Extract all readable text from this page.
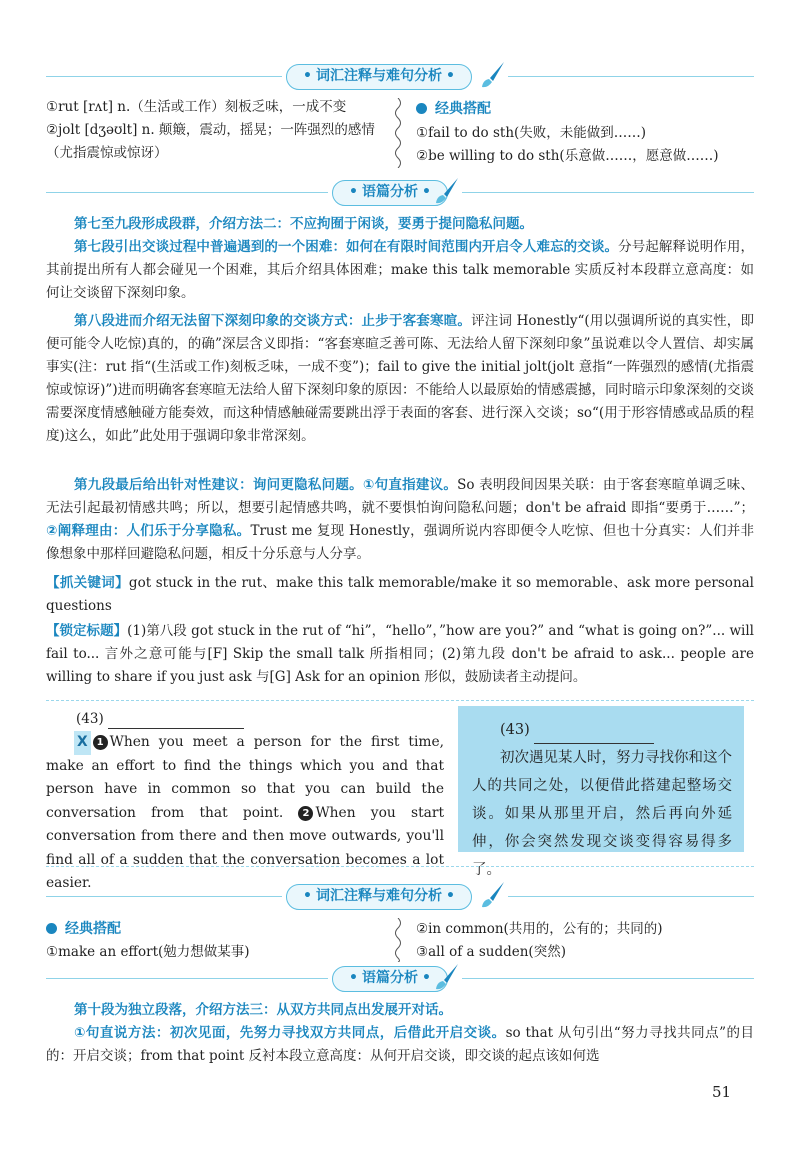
• 词汇注释与难句分析 •
①rut [rʌt] n.（生活或工作）刻板乏味，一成不变
②jolt [dʒəʊlt] n. 颠簸，震动，摇晃；一阵强烈的感情
（尤指震惊或惊讶）
经典搭配
①fail to do sth(失败，未能做到……)
②be willing to do sth(乐意做……，愿意做……)
• 语篇分析 •
第七至九段形成段群，介绍方法二：不应拘囿于闲谈，要勇于提问隐私问题。
第七段引出交谈过程中普遍遇到的一个困难：如何在有限时间范围内开启令人难忘的交谈。分号起解释说明作用，其前提出所有人都会碰见一个困难，其后介绍具体困难；make this talk memorable 实质反衬本段群立意高度：如何让交谈留下深刻印象。
第八段进而介绍无法留下深刻印象的交谈方式：止步于客套寒暄。评注词 Honestly“(用以强调所说的真实性，即便可能令人吃惊)真的，的确”深层含义即指：“客套寒暄乏善可陈、无法给人留下深刻印象”虽说难以令人置信、却实属事实(注：rut 指“(生活或工作)刻板乏味，一成不变”)；fail to give the initial jolt(jolt 意指“一阵强烈的感情(尤指震惊或惊讶)”)进而明确客套寒暄无法给人留下深刻印象的原因：不能给人以最原始的情感震撼，同时暗示印象深刻的交谈需要深度情感触碰方能奏效，而这种情感触碰需要跳出浮于表面的客套、进行深入交谈；so“(用于形容情感或品质的程度)这么，如此”此处用于强调印象非常深刻。
第九段最后给出针对性建议：询问更隐私问题。①句直指建议。So 表明段间因果关联：由于客套寒暄单调乏味、无法引起最初情感共鸣；所以，想要引起情感共鸣，就不要惧怕询问隐私问题；don't be afraid 即指“要勇于……”；②阐释理由：人们乐于分享隐私。Trust me 复现 Honestly，强调所说内容即便令人吃惊、但也十分真实：人们并非像想象中那样回避隐私问题，相反十分乐意与人分享。
【抓关键词】got stuck in the rut、make this talk memorable/make it so memorable、ask more personal questions
【锁定标题】(1)第八段 got stuck in the rut of “hi”，“hello”，”how are you?” and “what is going on?”... will fail to... 言外之意可能与[F] Skip the small talk 所指相同；(2)第九段 don't be afraid to ask... people are willing to share if you just ask 与[G] Ask for an opinion 形似，鼓励读者主动提问。
(43)
X 1 When you meet a person for the first time, make an effort to find the things which you and that person have in common so that you can build the conversation from that point. 2 When you start conversation from there and then move outwards, you'll find all of a sudden that the conversation becomes a lot easier.
(43)
初次遇见某人时，努力寻找你和这个人的共同之处，以便借此搭建起整场交谈。如果从那里开启，然后再向外延伸，你会突然发现交谈变得容易得多了。
• 词汇注释与难句分析 •
经典搭配
①make an effort(勉力想做某事)
②in common(共用的，公有的；共同的)
③all of a sudden(突然)
• 语篇分析 •
第十段为独立段落，介绍方法三：从双方共同点出发展开对话。
①句直说方法：初次见面，先努力寻找双方共同点，后借此开启交谈。so that 从句引出“努力寻找共同点”的目的：开启交谈；from that point 反衬本段立意高度：从何开启交谈，即交谈的起点该如何选
51
